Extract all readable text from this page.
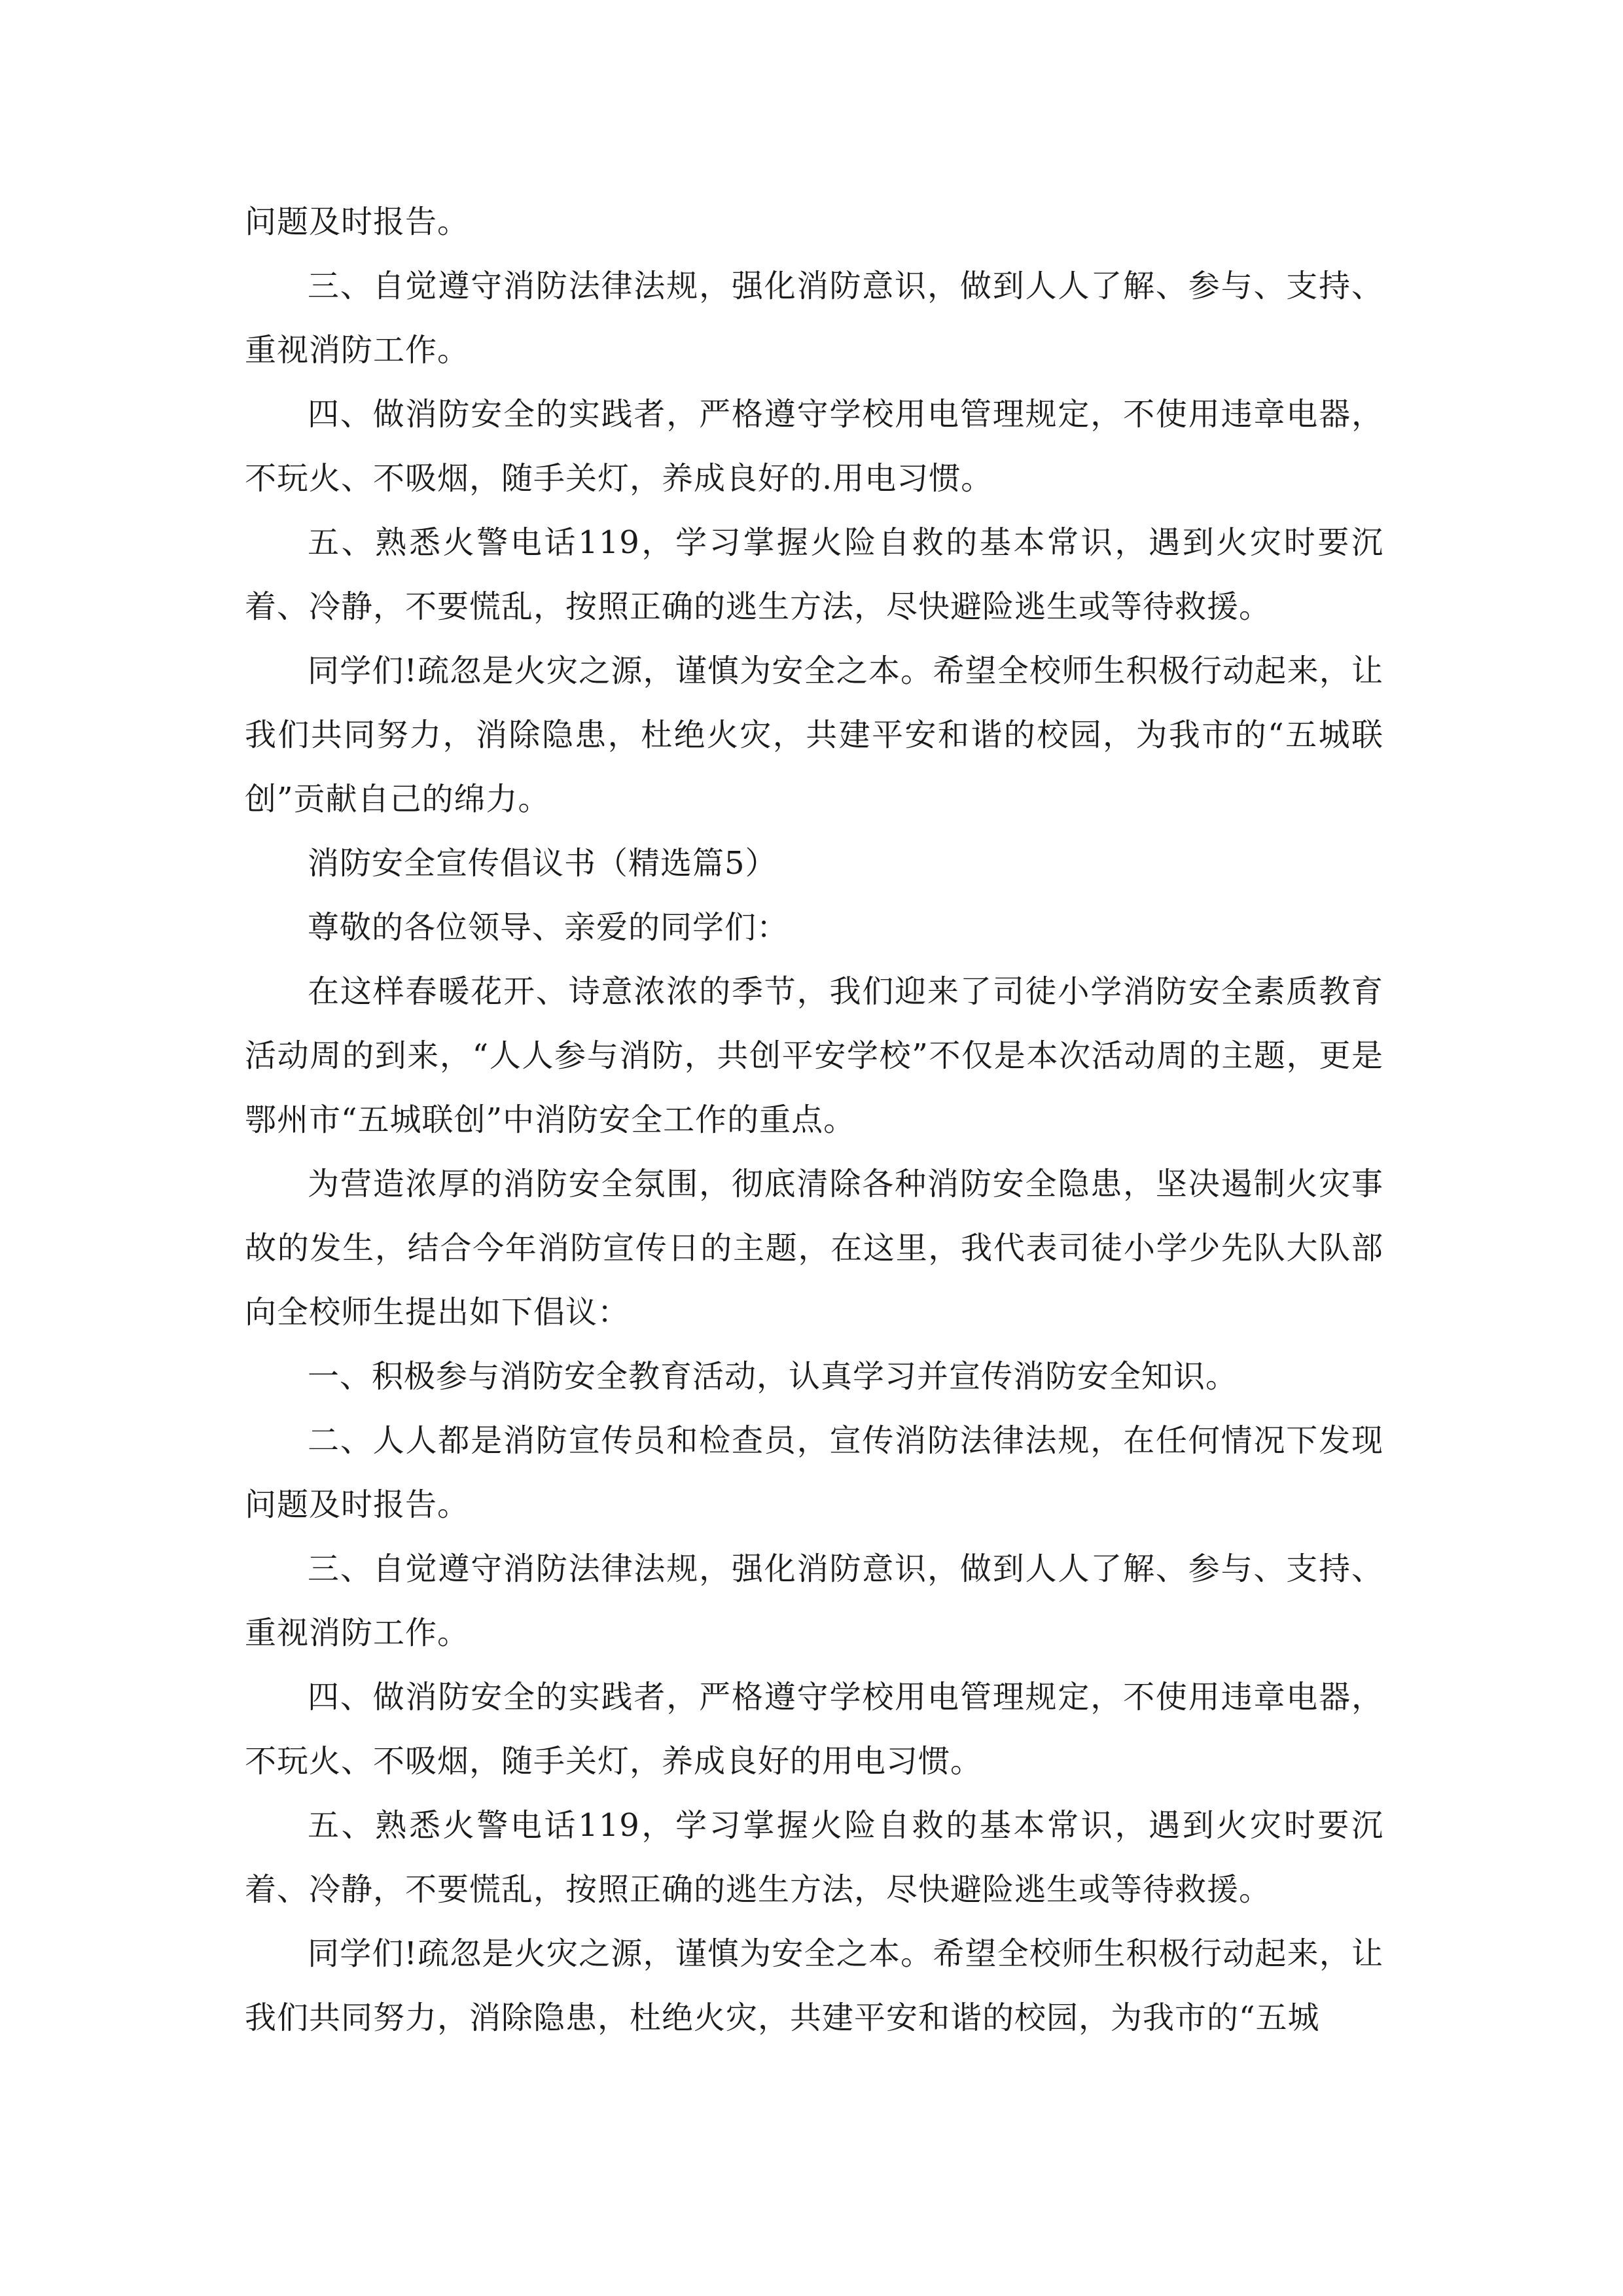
问题及时报告。

三、自觉遵守消防法律法规，强化消防意识，做到人人了解、参与、支持、重视消防工作。

四、做消防安全的实践者，严格遵守学校用电管理规定，不使用违章电器，不玩火、不吸烟，随手关灯，养成良好的.用电习惯。

五、熟悉火警电话119，学习掌握火险自救的基本常识，遇到火灾时要沉着、冷静，不要慌乱，按照正确的逃生方法，尽快避险逃生或等待救援。

同学们!疏忽是火灾之源，谨慎为安全之本。希望全校师生积极行动起来，让我们共同努力，消除隐患，杜绝火灾，共建平安和谐的校园，为我市的“五城联创”贡献自己的绵力。

消防安全宣传倡议书（精选篇5）

尊敬的各位领导、亲爱的同学们：

在这样春暖花开、诗意浓浓的季节，我们迎来了司徒小学消防安全素质教育活动周的到来，“人人参与消防，共创平安学校”不仅是本次活动周的主题，更是鄂州市“五城联创”中消防安全工作的重点。

为营造浓厚的消防安全氛围，彻底清除各种消防安全隐患，坚决遏制火灾事故的发生，结合今年消防宣传日的主题，在这里，我代表司徒小学少先队大队部向全校师生提出如下倡议：

一、积极参与消防安全教育活动，认真学习并宣传消防安全知识。

二、人人都是消防宣传员和检查员，宣传消防法律法规，在任何情况下发现问题及时报告。

三、自觉遵守消防法律法规，强化消防意识，做到人人了解、参与、支持、重视消防工作。

四、做消防安全的实践者，严格遵守学校用电管理规定，不使用违章电器，不玩火、不吸烟，随手关灯，养成良好的用电习惯。

五、熟悉火警电话119，学习掌握火险自救的基本常识，遇到火灾时要沉着、冷静，不要慌乱，按照正确的逃生方法，尽快避险逃生或等待救援。

同学们!疏忽是火灾之源，谨慎为安全之本。希望全校师生积极行动起来，让我们共同努力，消除隐患，杜绝火灾，共建平安和谐的校园，为我市的“五城
